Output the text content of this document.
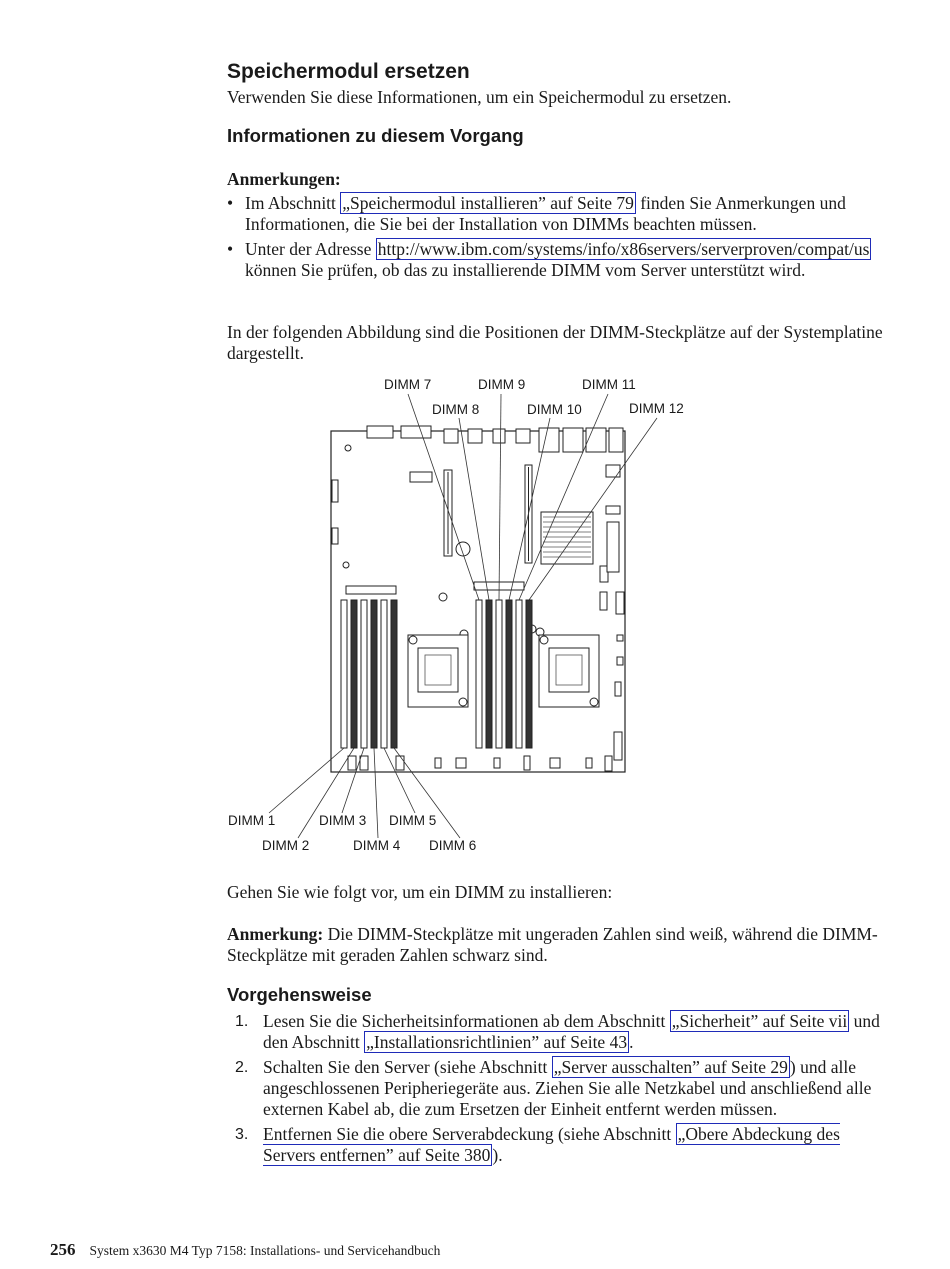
Speichermodul ersetzen

Verwenden Sie diese Informationen, um ein Speichermodul zu ersetzen.

Informationen zu diesem Vorgang

Anmerkungen:

• Im Abschnitt „Speichermodul installieren” auf Seite 79 finden Sie Anmerkungen und Informationen, die Sie bei der Installation von DIMMs beachten müssen.
• Unter der Adresse http://www.ibm.com/systems/info/x86servers/serverproven/compat/us können Sie prüfen, ob das zu installierende DIMM vom Server unterstützt wird.

In der folgenden Abbildung sind die Positionen der DIMM-Steckplätze auf der Systemplatine dargestellt.

DIMM 7
DIMM 8
DIMM 9
DIMM 10
DIMM 11
DIMM 12
DIMM 1
DIMM 2
DIMM 3
DIMM 4
DIMM 5
DIMM 6

Gehen Sie wie folgt vor, um ein DIMM zu installieren:

Anmerkung: Die DIMM-Steckplätze mit ungeraden Zahlen sind weiß, während die DIMM-Steckplätze mit geraden Zahlen schwarz sind.

Vorgehensweise
1. Lesen Sie die Sicherheitsinformationen ab dem Abschnitt „Sicherheit” auf Seite vii und den Abschnitt „Installationsrichtlinien” auf Seite 43 .
2. Schalten Sie den Server (siehe Abschnitt „Server ausschalten” auf Seite 29 ) und alle angeschlossenen Peripheriegeräte aus. Ziehen Sie alle Netzkabel und anschließend alle externen Kabel ab, die zum Ersetzen der Einheit entfernt werden müssen.
3. Entfernen Sie die obere Serverabdeckung (siehe Abschnitt „Obere Abdeckung des Servers entfernen” auf Seite 380 ).
256 System x3630 M4 Typ 7158: Installations- und Servicehandbuch
